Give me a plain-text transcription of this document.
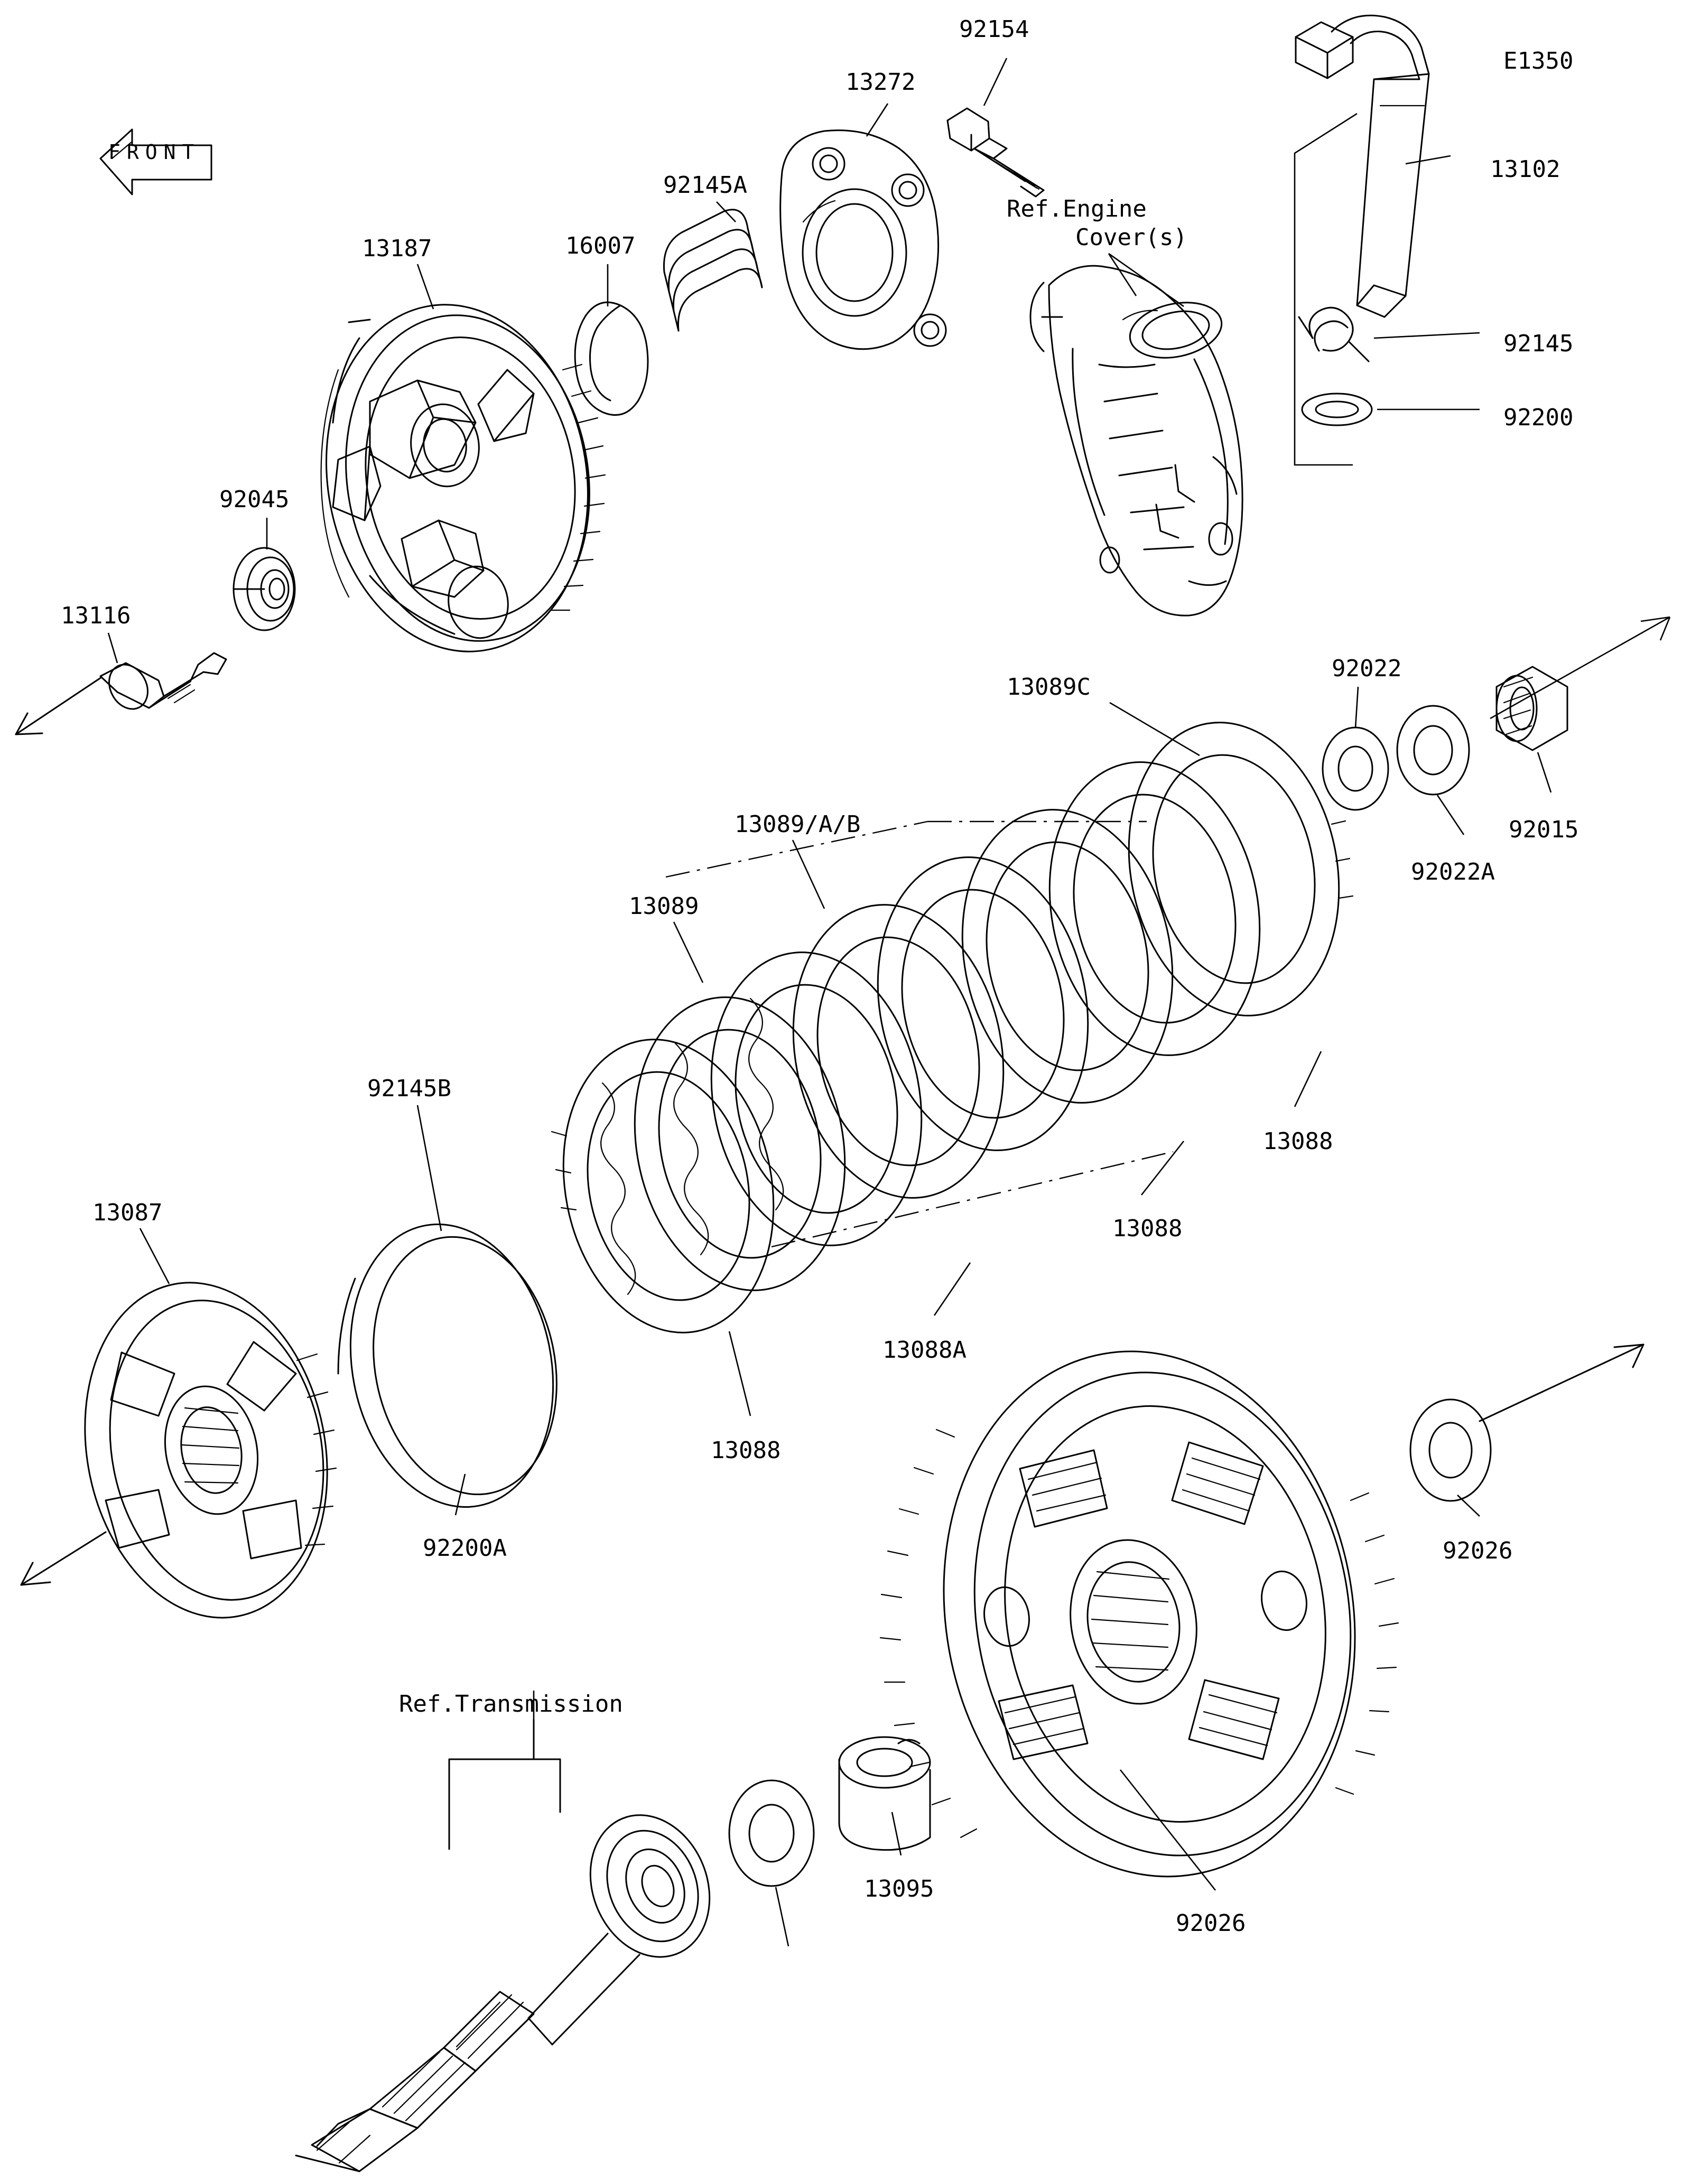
92154
E1350
13272
13102
92145A
13187	16007
Ref.Engine
Cover(s)
92145
92200
92045
13116
13089C
92022
92015
92022A
13089/A/B
13089
13088
13088
92145B
13087
13088A
13088
92200A	92026
Ref.Transmission
13095
92026
FRONT
